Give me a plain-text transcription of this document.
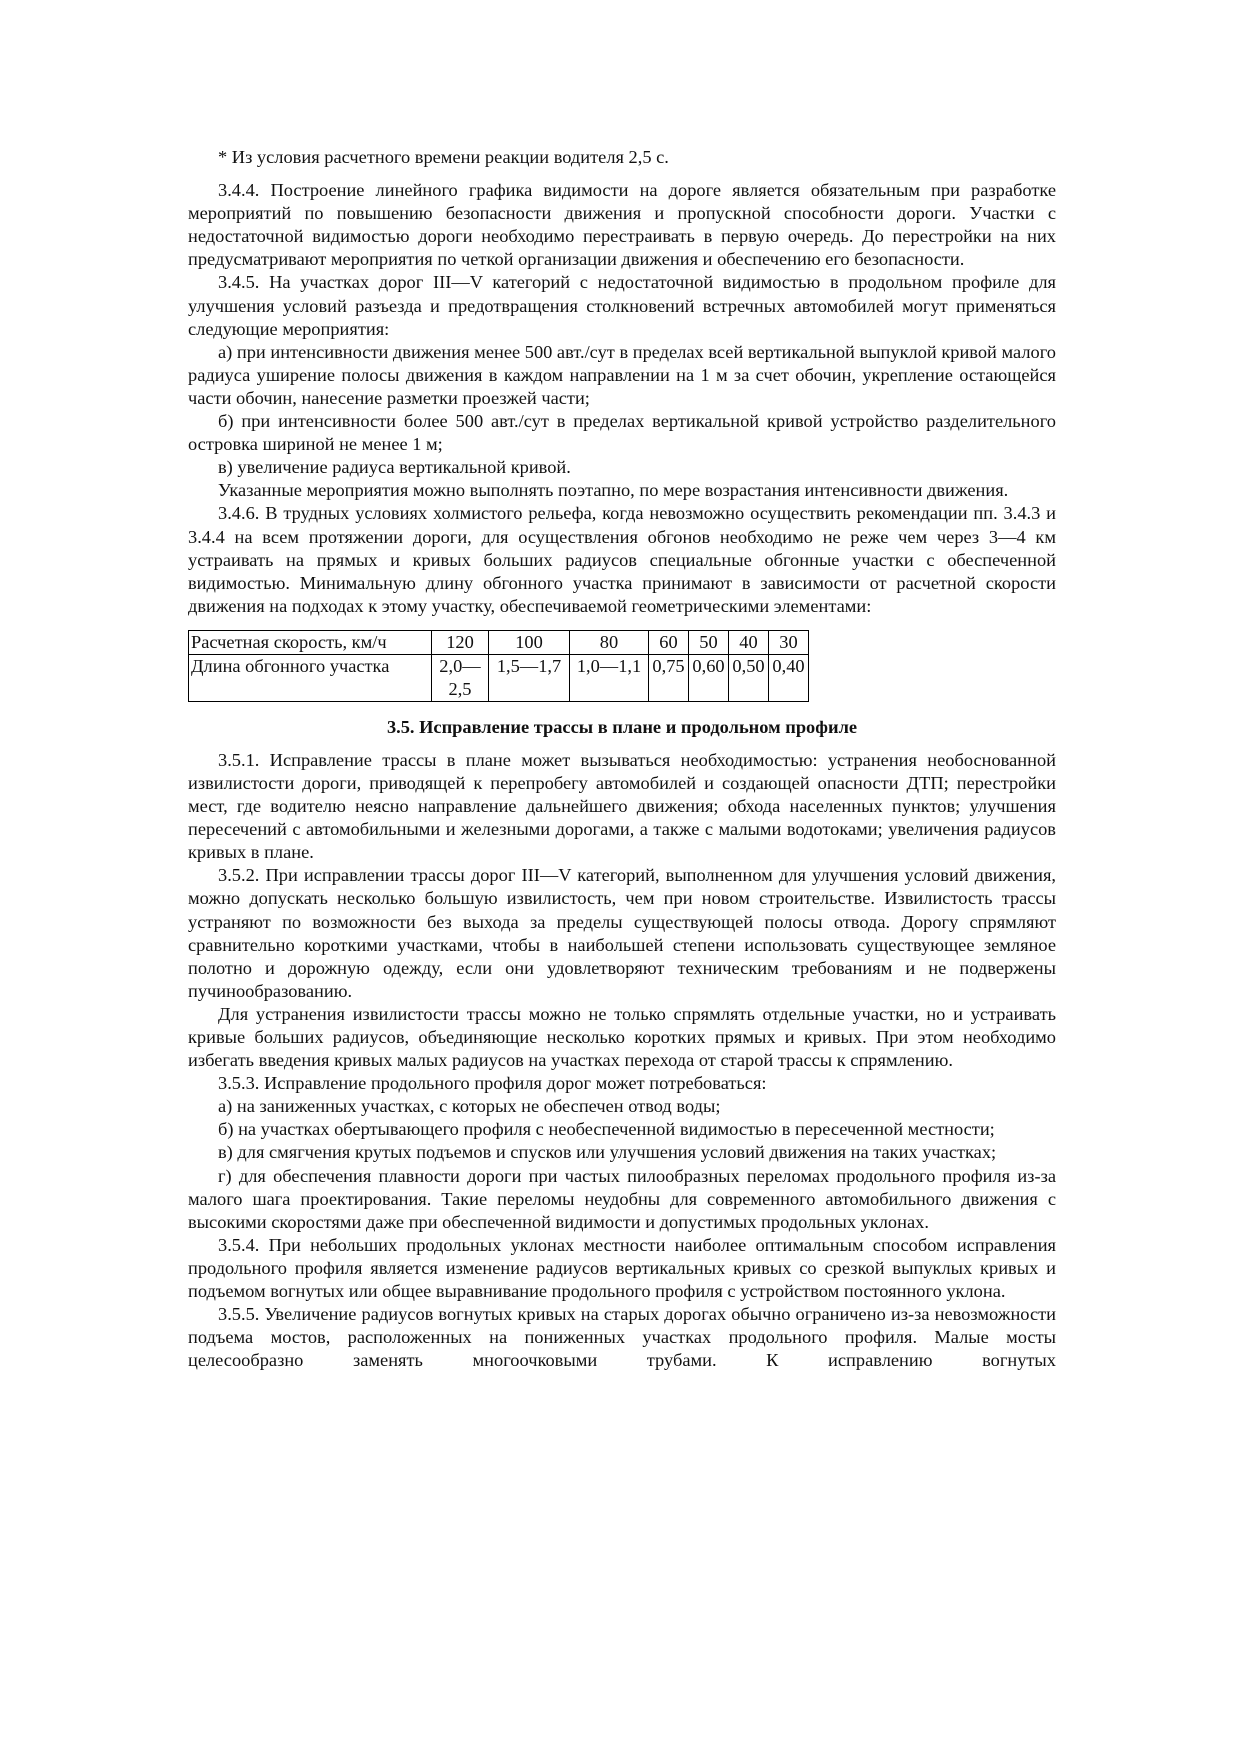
* Из условия расчетного времени реакции водителя 2,5 с.

3.4.4. Построение линейного графика видимости на дороге является обязательным при разработке мероприятий по повышению безопасности движения и пропускной способности дороги. Участки с недостаточной видимостью дороги необходимо перестраивать в первую очередь. До перестройки на них предусматривают мероприятия по четкой организации движения и обеспечению его безопасности.

3.4.5. На участках дорог III—V категорий с недостаточной видимостью в продольном профиле для улучшения условий разъезда и предотвращения столкновений встречных автомобилей могут применяться следующие мероприятия:

а) при интенсивности движения менее 500 авт./сут в пределах всей вертикальной выпуклой кривой малого радиуса уширение полосы движения в каждом направлении на 1 м за счет обочин, укрепление остающейся части обочин, нанесение разметки проезжей части;

б) при интенсивности более 500 авт./сут в пределах вертикальной кривой устройство разделительного островка шириной не менее 1 м;

в) увеличение радиуса вертикальной кривой.

Указанные мероприятия можно выполнять поэтапно, по мере возрастания интенсивности движения.

3.4.6. В трудных условиях холмистого рельефа, когда невозможно осуществить рекомендации пп. 3.4.3 и 3.4.4 на всем протяжении дороги, для осуществления обгонов необходимо не реже чем через 3—4 км устраивать на прямых и кривых больших радиусов специальные обгонные участки с обеспеченной видимостью. Минимальную длину обгонного участка принимают в зависимости от расчетной скорости движения на подходах к этому участку, обеспечиваемой геометрическими элементами:

Расчетная скорость, км/ч	120	100	80	60	50	40	30
Длина обгонного участка	2,0—2,5	1,5—1,7	1,0—1,1	0,75	0,60	0,50	0,40
3.5. Исправление трассы в плане и продольном профиле

3.5.1. Исправление трассы в плане может вызываться необходимостью: устранения необоснованной извилистости дороги, приводящей к перепробегу автомобилей и создающей опасности ДТП; перестройки мест, где водителю неясно направление дальнейшего движения; обхода населенных пунктов; улучшения пересечений с автомобильными и железными дорогами, а также с малыми водотоками; увеличения радиусов кривых в плане.

3.5.2. При исправлении трассы дорог III—V категорий, выполненном для улучшения условий движения, можно допускать несколько большую извилистость, чем при новом строительстве. Извилистость трассы устраняют по возможности без выхода за пределы существующей полосы отвода. Дорогу спрямляют сравнительно короткими участками, чтобы в наибольшей степени использовать существующее земляное полотно и дорожную одежду, если они удовлетворяют техническим требованиям и не подвержены пучинообразованию.

Для устранения извилистости трассы можно не только спрямлять отдельные участки, но и устраивать кривые больших радиусов, объединяющие несколько коротких прямых и кривых. При этом необходимо избегать введения кривых малых радиусов на участках перехода от старой трассы к спрямлению.

3.5.3. Исправление продольного профиля дорог может потребоваться:

а) на заниженных участках, с которых не обеспечен отвод воды;

б) на участках обертывающего профиля с необеспеченной видимостью в пересеченной местности;

в) для смягчения крутых подъемов и спусков или улучшения условий движения на таких участках;

г) для обеспечения плавности дороги при частых пилообразных переломах продольного профиля из-за малого шага проектирования. Такие переломы неудобны для современного автомобильного движения с высокими скоростями даже при обеспеченной видимости и допустимых продольных уклонах.

3.5.4. При небольших продольных уклонах местности наиболее оптимальным способом исправления продольного профиля является изменение радиусов вертикальных кривых со срезкой выпуклых кривых и подъемом вогнутых или общее выравнивание продольного профиля с устройством постоянного уклона.

3.5.5. Увеличение радиусов вогнутых кривых на старых дорогах обычно ограничено из-за невозможности подъема мостов, расположенных на пониженных участках продольного профиля. Малые мосты целесообразно заменять многоочковыми трубами. К исправлению вогнутых
